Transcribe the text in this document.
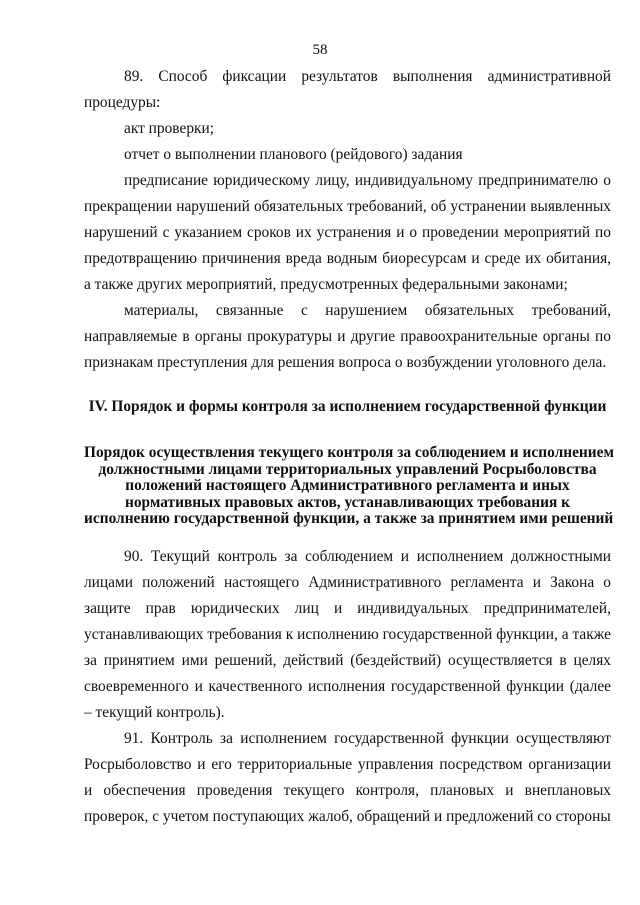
58

89. Способ фиксации результатов выполнения административной процедуры:

акт проверки;

отчет о выполнении планового (рейдового) задания

предписание юридическому лицу, индивидуальному предпринимателю о прекращении нарушений обязательных требований, об устранении выявленных нарушений с указанием сроков их устранения и о проведении мероприятий по предотвращению причинения вреда водным биоресурсам и среде их обитания, а также других мероприятий, предусмотренных федеральными законами;

материалы, связанные с нарушением обязательных требований, направляемые в органы прокуратуры и другие правоохранительные органы по признакам преступления для решения вопроса о возбуждении уголовного дела.

IV. Порядок и формы контроля за исполнением государственной функции
Порядок осуществления текущего контроля за соблюдением и исполнением
должностными лицами территориальных управлений Росрыболовства
положений настоящего Административного регламента и иных
нормативных правовых актов, устанавливающих требования к
исполнению государственной функции, а также за принятием ими решений

90. Текущий контроль за соблюдением и исполнением должностными лицами положений настоящего Административного регламента и Закона о защите прав юридических лиц и индивидуальных предпринимателей, устанавливающих требования к исполнению государственной функции, а также за принятием ими решений, действий (бездействий) осуществляется в целях своевременного и качественного исполнения государственной функции (далее – текущий контроль).

91. Контроль за исполнением государственной функции осуществляют Росрыболовство и его территориальные управления посредством организации и обеспечения проведения текущего контроля, плановых и внеплановых проверок, с учетом поступающих жалоб, обращений и предложений со стороны
